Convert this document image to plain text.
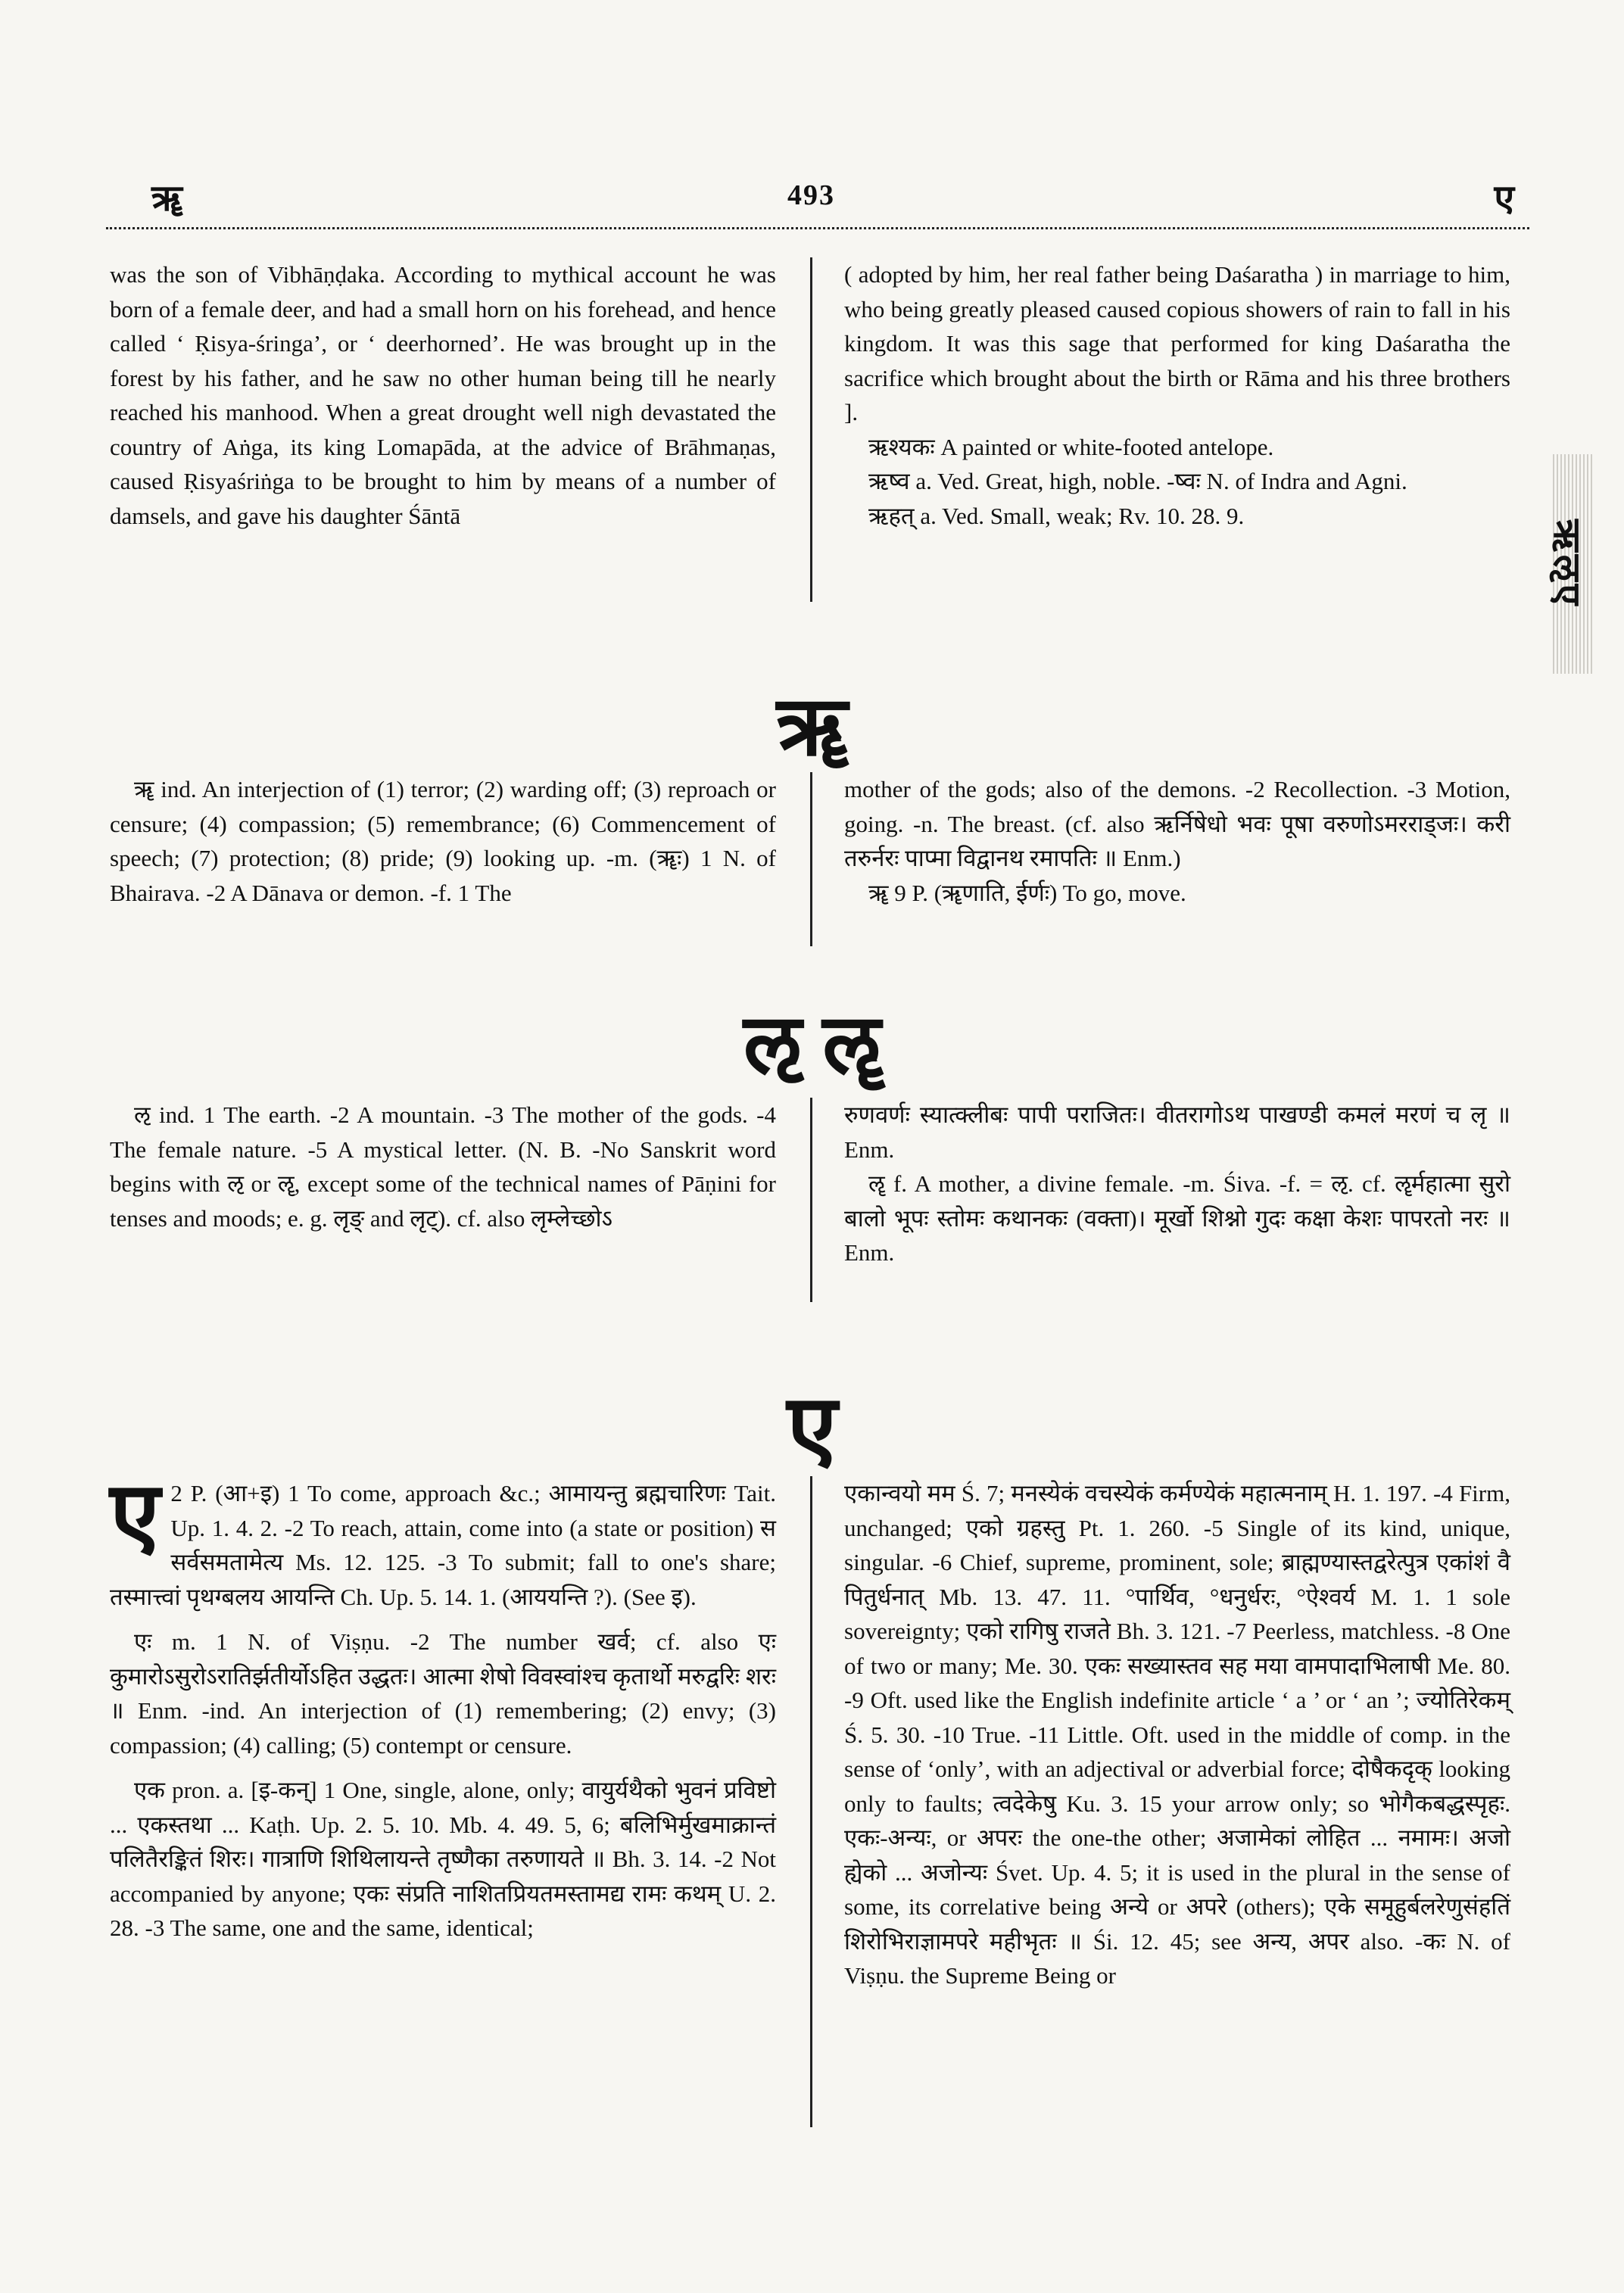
ॠ	493	ए
ऋऌए

was the son of Vibhāṇḍaka. According to mythical account he was born of a female deer, and had a small horn on his forehead, and hence called ‘ Ṛisya-śringa’, or ‘ deerhorned’. He was brought up in the forest by his father, and he saw no other human being till he nearly reached his manhood. When a great drought well nigh devastated the country of Aṅga, its king Lomapāda, at the advice of Brāhmaṇas, caused Ṛisyaśriṅga to be brought to him by means of a number of damsels, and gave his daughter Śāntā

( adopted by him, her real father being Daśaratha ) in marriage to him, who being greatly pleased caused copious showers of rain to fall in his kingdom. It was this sage that performed for king Daśaratha the sacrifice which brought about the birth or Rāma and his three brothers ].

ऋश्यकः A painted or white-footed antelope.

ऋष्व a. Ved. Great, high, noble. -ष्वः N. of Indra and Agni.

ऋहत् a. Ved. Small, weak; Rv. 10. 28. 9.

ॠ

ॠ ind. An interjection of (1) terror; (2) warding off; (3) reproach or censure; (4) compassion; (5) remembrance; (6) Commencement of speech; (7) protection; (8) pride; (9) looking up. -m. (ॠः) 1 N. of Bhairava. -2 A Dānava or demon. -f. 1 The

mother of the gods; also of the demons. -2 Recollection. -3 Motion, going. -n. The breast. (cf. also ऋर्निषेधो भवः पूषा वरुणोऽमरराड्जः। करी तरुर्नरः पाप्मा विद्वानथ रमापतिः ॥ Enm.)

ॠ 9 P. (ॠणाति, ईर्णः) To go, move.

ऌ ॡ

ऌ ind. 1 The earth. -2 A mountain. -3 The mother of the gods. -4 The female nature. -5 A mystical letter. (N. B. -No Sanskrit word begins with ऌ or ॡ, except some of the technical names of Pāṇini for tenses and moods; e. g. लृङ् and लृट्). cf. also लृम्लेच्छोऽ

रुणवर्णः स्यात्क्लीबः पापी पराजितः। वीतरागोऽथ पाखण्डी कमलं मरणं च लृ ॥ Enm.

ॡ f. A mother, a divine female. -m. Śiva. -f. = ऌ. cf. ॡर्महात्मा सुरो बालो भूपः स्तोमः कथानकः (वक्ता)। मूर्खो शिश्नो गुदः कक्षा केशः पापरतो नरः ॥ Enm.

ए

ए 2 P. (आ+इ) 1 To come, approach &c.; आमायन्तु ब्रह्मचारिणः Tait. Up. 1. 4. 2. -2 To reach, attain, come into (a state or position) स सर्वसमतामेत्य Ms. 12. 125. -3 To submit; fall to one's share; तस्मात्त्वां पृथग्बलय आयन्ति Ch. Up. 5. 14. 1. (आययन्ति ?). (See इ).

एः m. 1 N. of Viṣṇu. -2 The number खर्व; cf. also एः कुमारोऽसुरोऽरातिर्झतीर्योऽहित उद्धतः। आत्मा शेषो विवस्वांश्च कृतार्थो मरुद्वरिः शरः ॥ Enm. -ind. An interjection of (1) remembering; (2) envy; (3) compassion; (4) calling; (5) contempt or censure.

एक pron. a. [इ-कन्] 1 One, single, alone, only; वायुर्यथैको भुवनं प्रविष्टो ... एकस्तथा ... Kaṭh. Up. 2. 5. 10. Mb. 4. 49. 5, 6; बलिभिर्मुखमाक्रान्तं पलितैरङ्कितं शिरः। गात्राणि शिथिलायन्ते तृष्णैका तरुणायते ॥ Bh. 3. 14. -2 Not accompanied by anyone; एकः संप्रति नाशितप्रियतमस्तामद्य रामः कथम् U. 2. 28. -3 The same, one and the same, identical;

एकान्वयो मम Ś. 7; मनस्येकं वचस्येकं कर्मण्येकं महात्मनाम् H. 1. 197. -4 Firm, unchanged; एको ग्रहस्तु Pt. 1. 260. -5 Single of its kind, unique, singular. -6 Chief, supreme, prominent, sole; ब्राह्मण्यास्तद्वरेत्पुत्र एकांशं वै पितुर्धनात् Mb. 13. 47. 11. °पार्थिव, °धनुर्धरः, °ऐश्वर्य M. 1. 1 sole sovereignty; एको रागिषु राजते Bh. 3. 121. -7 Peerless, matchless. -8 One of two or many; Me. 30. एकः सख्यास्तव सह मया वामपादाभिलाषी Me. 80. -9 Oft. used like the English indefinite article ‘ a ’ or ‘ an ’; ज्योतिरेकम् Ś. 5. 30. -10 True. -11 Little. Oft. used in the middle of comp. in the sense of ‘only’, with an adjectival or adverbial force; दोषैकदृक् looking only to faults; त्वदेकेषु Ku. 3. 15 your arrow only; so भोगैकबद्धस्पृहः. एकः-अन्यः, or अपरः the one-the other; अजामेकां लोहित ... नमामः। अजो ह्येको ... अजोन्यः Śvet. Up. 4. 5; it is used in the plural in the sense of some, its correlative being अन्ये or अपरे (others); एके समूहुर्बलरेणुसंहतिं शिरोभिराज्ञामपरे महीभृतः ॥ Śi. 12. 45; see अन्य, अपर also. -कः N. of Viṣṇu. the Supreme Being or
